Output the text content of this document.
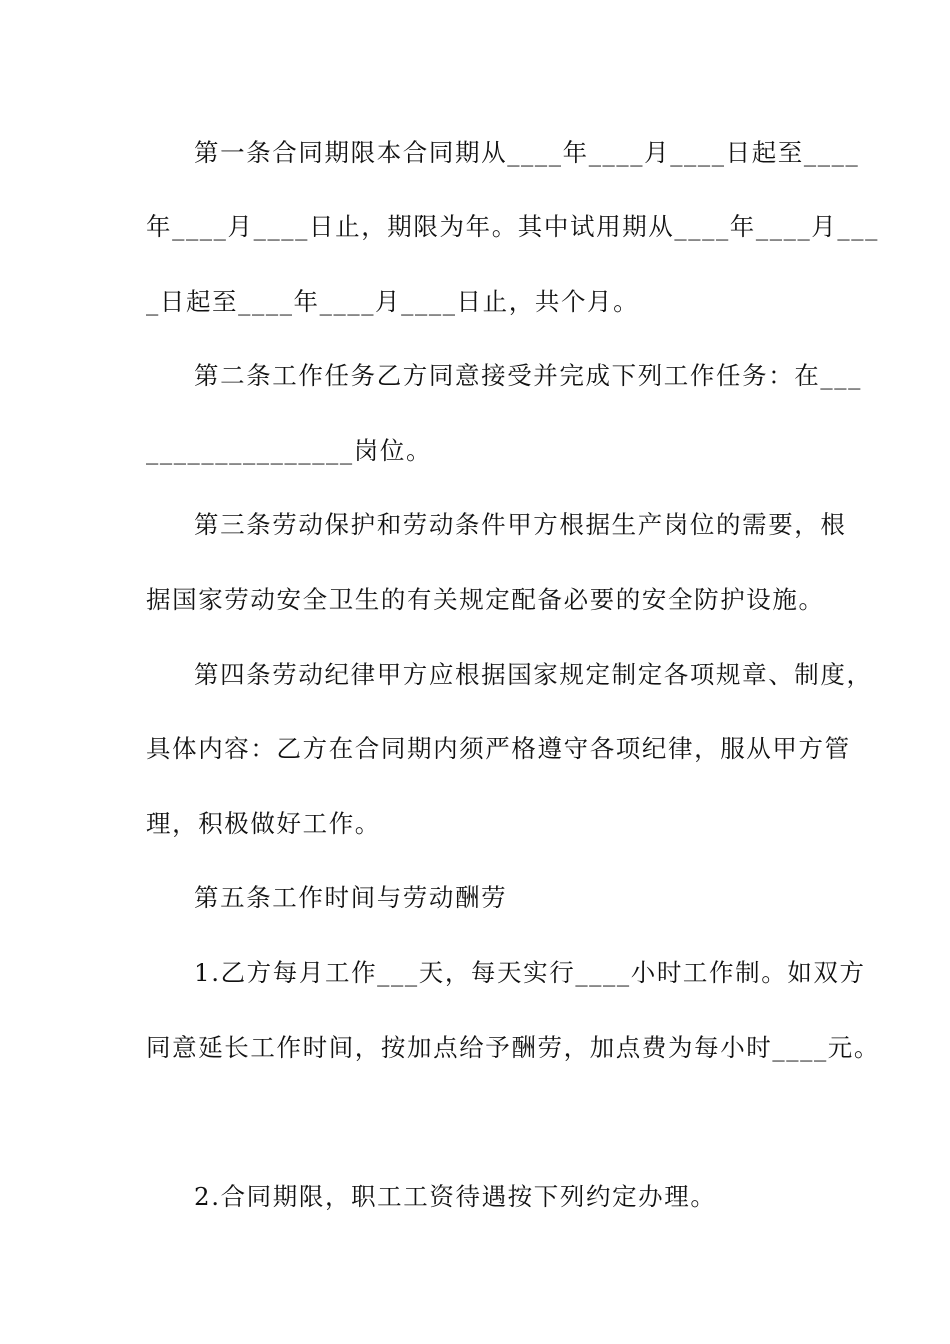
第一条合同期限本合同期从____年____月____日起至____
年____月____日止，期限为年。其中试用期从____年____月___
_日起至____年____月____日止，共个月。
第二条工作任务乙方同意接受并完成下列工作任务：在___
_______________岗位。
第三条劳动保护和劳动条件甲方根据生产岗位的需要，根
据国家劳动安全卫生的有关规定配备必要的安全防护设施。
第四条劳动纪律甲方应根据国家规定制定各项规章、制度，
具体内容：乙方在合同期内须严格遵守各项纪律，服从甲方管
理，积极做好工作。
第五条工作时间与劳动酬劳
1.乙方每月工作___天，每天实行____小时工作制。如双方
同意延长工作时间，按加点给予酬劳，加点费为每小时____元。
2.合同期限，职工工资待遇按下列约定办理。
